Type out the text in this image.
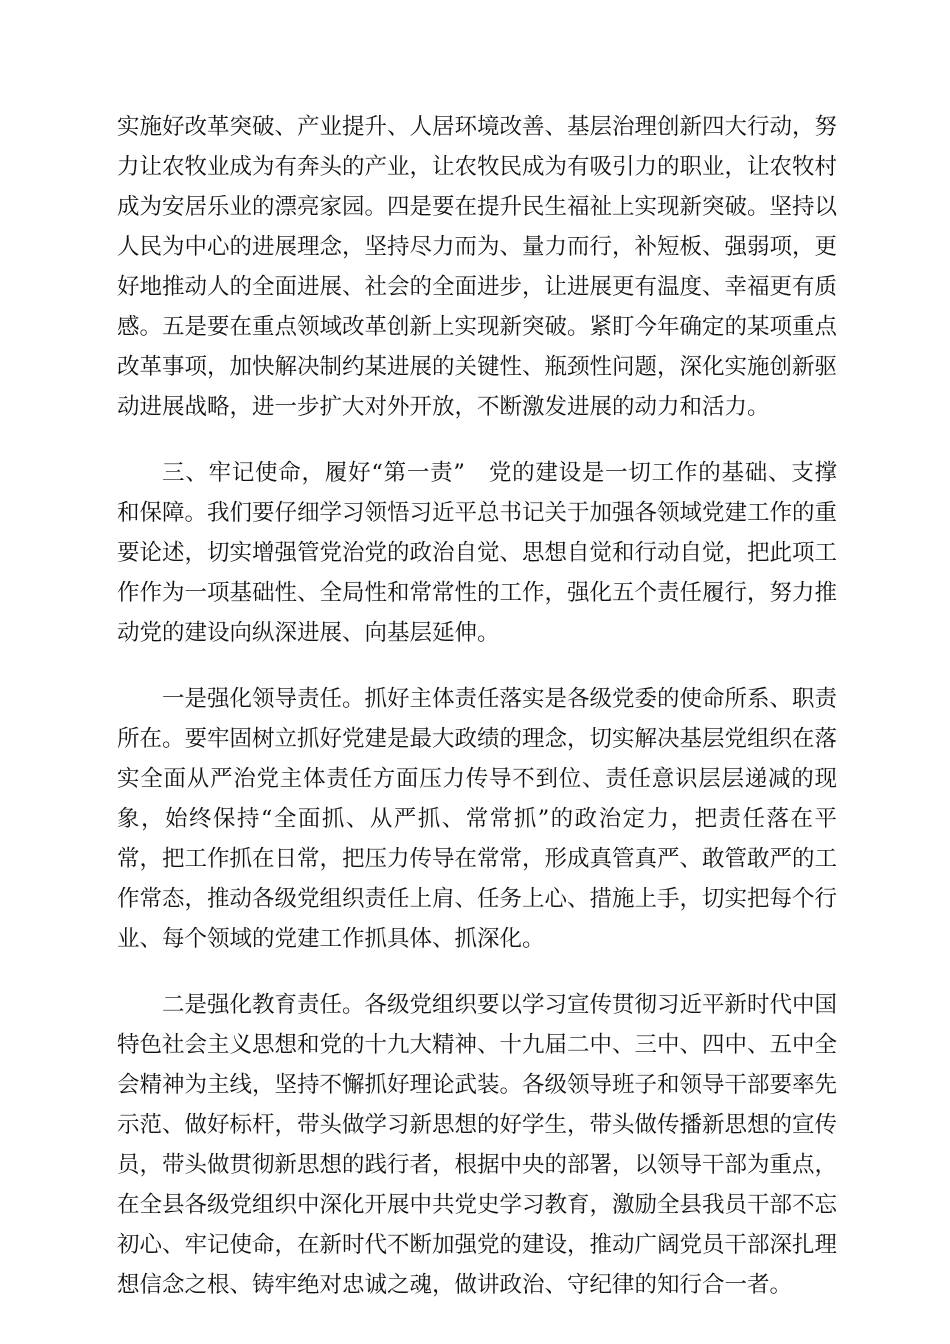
实施好改革突破、产业提升、人居环境改善、基层治理创新四大行动，努力让农牧业成为有奔头的产业，让农牧民成为有吸引力的职业，让农牧村成为安居乐业的漂亮家园。四是要在提升民生福祉上实现新突破。坚持以人民为中心的进展理念，坚持尽力而为、量力而行，补短板、强弱项，更好地推动人的全面进展、社会的全面进步，让进展更有温度、幸福更有质感。五是要在重点领域改革创新上实现新突破。紧盯今年确定的某项重点改革事项，加快解决制约某进展的关键性、瓶颈性问题，深化实施创新驱动进展战略，进一步扩大对外开放，不断激发进展的动力和活力。

三、牢记使命，履好“第一责”　党的建设是一切工作的基础、支撑和保障。我们要仔细学习领悟习近平总书记关于加强各领域党建工作的重要论述，切实增强管党治党的政治自觉、思想自觉和行动自觉，把此项工作作为一项基础性、全局性和常常性的工作，强化五个责任履行，努力推动党的建设向纵深进展、向基层延伸。

一是强化领导责任。抓好主体责任落实是各级党委的使命所系、职责所在。要牢固树立抓好党建是最大政绩的理念，切实解决基层党组织在落实全面从严治党主体责任方面压力传导不到位、责任意识层层递减的现象，始终保持“全面抓、从严抓、常常抓”的政治定力，把责任落在平常，把工作抓在日常，把压力传导在常常，形成真管真严、敢管敢严的工作常态，推动各级党组织责任上肩、任务上心、措施上手，切实把每个行业、每个领域的党建工作抓具体、抓深化。

二是强化教育责任。各级党组织要以学习宣传贯彻习近平新时代中国特色社会主义思想和党的十九大精神、十九届二中、三中、四中、五中全会精神为主线，坚持不懈抓好理论武装。各级领导班子和领导干部要率先示范、做好标杆，带头做学习新思想的好学生，带头做传播新思想的宣传员，带头做贯彻新思想的践行者，根据中央的部署，以领导干部为重点，在全县各级党组织中深化开展中共党史学习教育，激励全县我员干部不忘初心、牢记使命，在新时代不断加强党的建设，推动广阔党员干部深扎理想信念之根、铸牢绝对忠诚之魂，做讲政治、守纪律的知行合一者。
